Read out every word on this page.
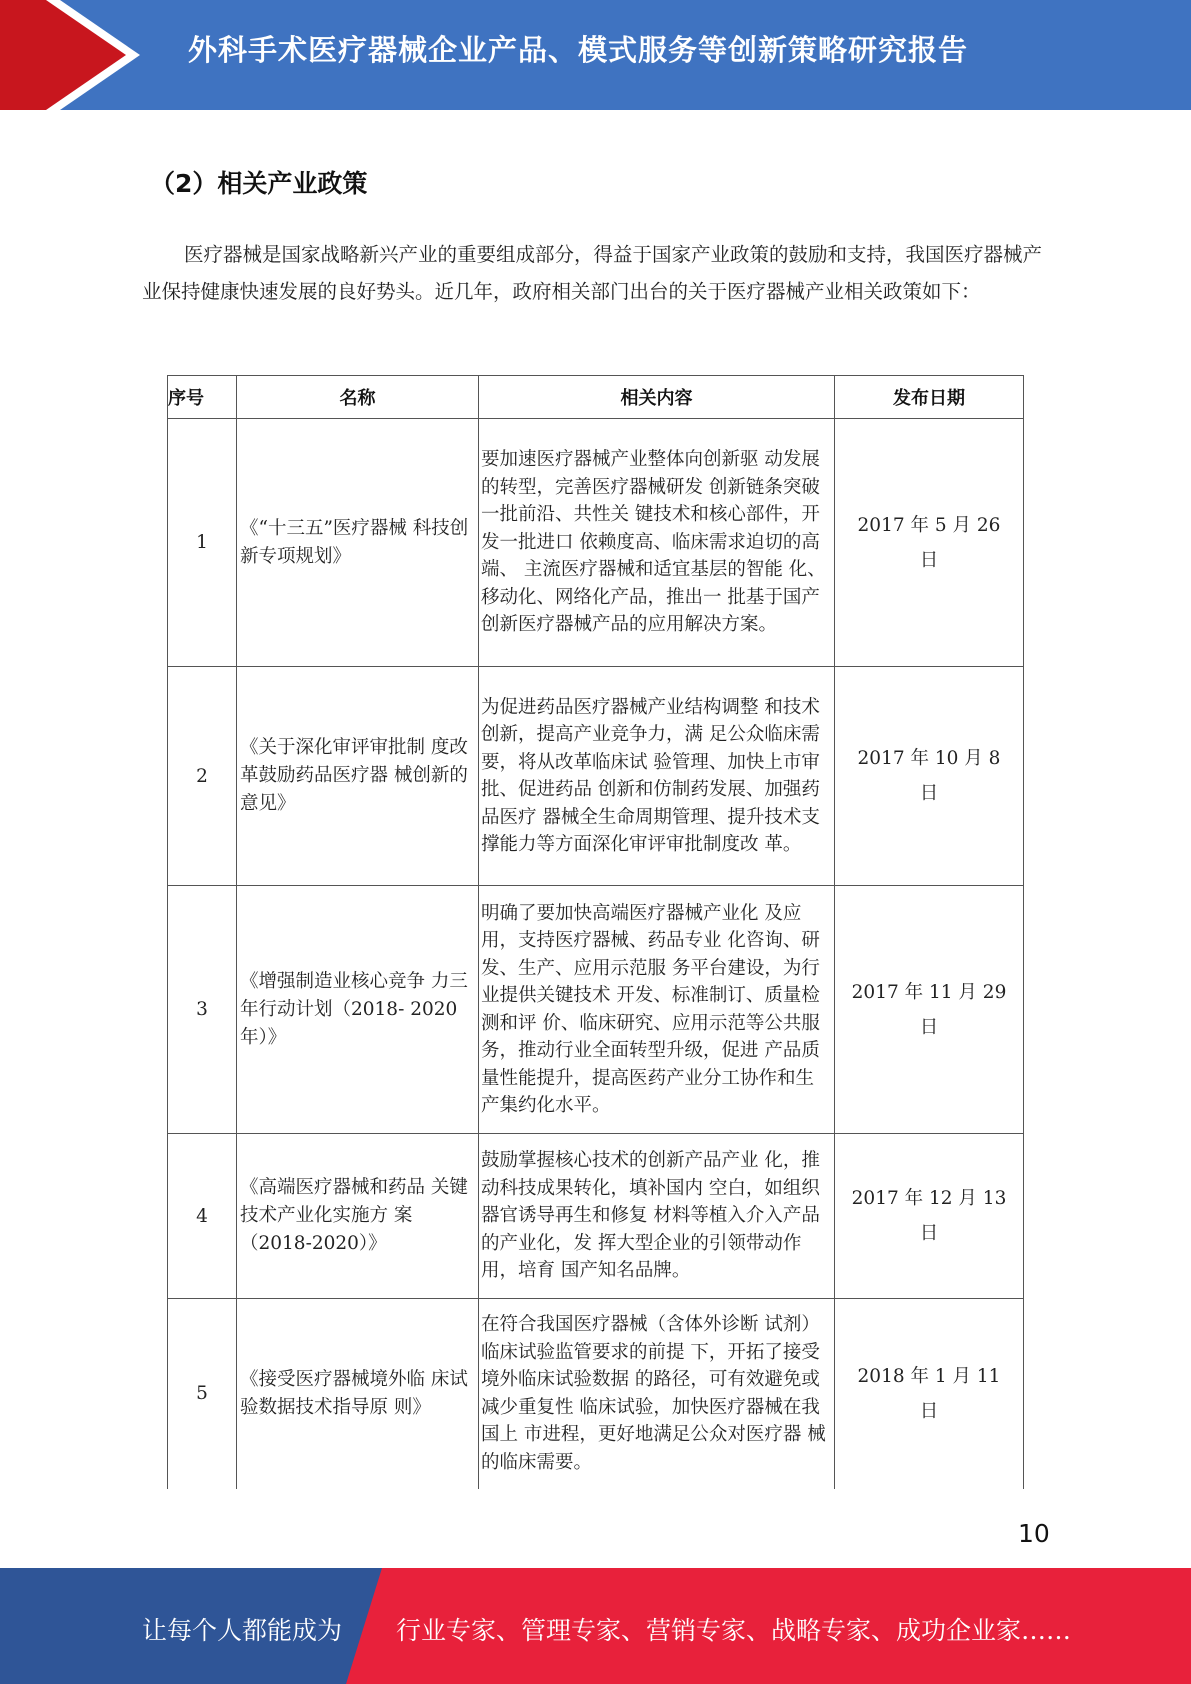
外科手术医疗器械企业产品、模式服务等创新策略研究报告
（2）相关产业政策

医疗器械是国家战略新兴产业的重要组成部分，得益于国家产业政策的鼓励和支持，我国医疗器械产业保持健康快速发展的良好势头。近几年，政府相关部门出台的关于医疗器械产业相关政策如下：

序号	名称	相关内容	发布日期
1	《“十三五”医疗器械 科技创新专项规划》	要加速医疗器械产业整体向创新驱 动发展的转型，完善医疗器械研发 创新链条突破一批前沿、共性关 键技术和核心部件，开发一批进口 依赖度高、临床需求迫切的高端、 主流医疗器械和适宜基层的智能 化、移动化、网络化产品，推出一 批基于国产创新医疗器械产品的应用解决方案。	2017 年 5 月 26 日
2	《关于深化审评审批制 度改革鼓励药品医疗器 械创新的意见》	为促进药品医疗器械产业结构调整 和技术创新，提高产业竞争力，满 足公众临床需要，将从改革临床试 验管理、加快上市审批、促进药品 创新和仿制药发展、加强药品医疗 器械全生命周期管理、提升技术支 撑能力等方面深化审评审批制度改 革。	2017 年 10 月 8 日
3	《增强制造业核心竞争 力三年行动计划（2018- 2020 年）》	明确了要加快高端医疗器械产业化 及应用，支持医疗器械、药品专业 化咨询、研发、生产、应用示范服 务平台建设，为行业提供关键技术 开发、标准制订、质量检测和评 价、临床研究、应用示范等公共服 务，推动行业全面转型升级，促进 产品质量性能提升，提高医药产业分工协作和生产集约化水平。	2017 年 11 月 29 日
4	《高端医疗器械和药品 关键技术产业化实施方 案（2018-2020）》	鼓励掌握核心技术的创新产品产业 化，推动科技成果转化，填补国内 空白，如组织器官诱导再生和修复 材料等植入介入产品的产业化，发 挥大型企业的引领带动作用，培育 国产知名品牌。	2017 年 12 月 13 日
5	《接受医疗器械境外临 床试验数据技术指导原 则》	在符合我国医疗器械（含体外诊断 试剂）临床试验监管要求的前提 下，开拓了接受境外临床试验数据 的路径，可有效避免或减少重复性 临床试验，加快医疗器械在我国上 市进程，更好地满足公众对医疗器 械的临床需要。	2018 年 1 月 11 日
10
让每个人都能成为 行业专家、管理专家、营销专家、战略专家、成功企业家……
